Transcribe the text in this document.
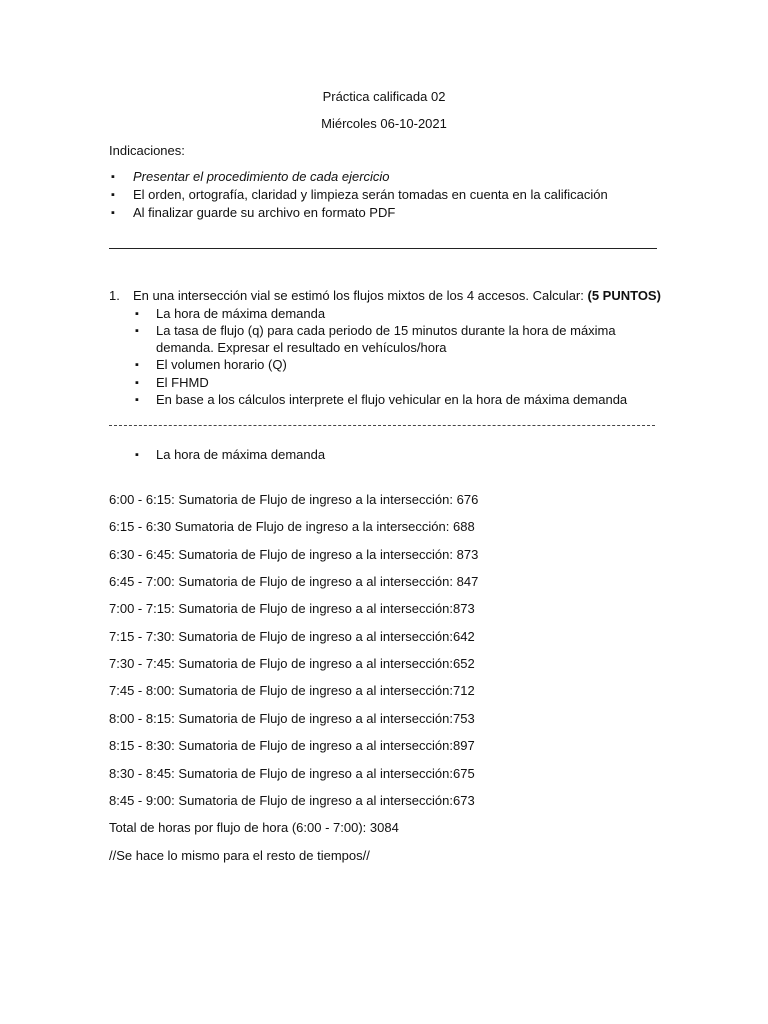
Práctica calificada 02
Miércoles 06-10-2021
Indicaciones:
▪ Presentar el procedimiento de cada ejercicio
▪ El orden, ortografía, claridad y limpieza serán tomadas en cuenta en la calificación
▪ Al finalizar guarde su archivo en formato PDF
1. En una intersección vial se estimó los flujos mixtos de los 4 accesos. Calcular: (5 PUNTOS)
▪ La hora de máxima demanda
▪ La tasa de flujo (q) para cada periodo de 15 minutos durante la hora de máxima
demanda. Expresar el resultado en vehículos/hora
▪ El volumen horario (Q)
▪ El FHMD
▪ En base a los cálculos interprete el flujo vehicular en la hora de máxima demanda
▪ La hora de máxima demanda
6:00 - 6:15: Sumatoria de Flujo de ingreso a la intersección: 676
6:15 - 6:30 Sumatoria de Flujo de ingreso a la intersección: 688
6:30 - 6:45: Sumatoria de Flujo de ingreso a la intersección: 873
6:45 - 7:00: Sumatoria de Flujo de ingreso a al intersección: 847
7:00 - 7:15: Sumatoria de Flujo de ingreso a al intersección:873
7:15 - 7:30: Sumatoria de Flujo de ingreso a al intersección:642
7:30 - 7:45: Sumatoria de Flujo de ingreso a al intersección:652
7:45 - 8:00: Sumatoria de Flujo de ingreso a al intersección:712
8:00 - 8:15: Sumatoria de Flujo de ingreso a al intersección:753
8:15 - 8:30: Sumatoria de Flujo de ingreso a al intersección:897
8:30 - 8:45: Sumatoria de Flujo de ingreso a al intersección:675
8:45 - 9:00: Sumatoria de Flujo de ingreso a al intersección:673
Total de horas por flujo de hora (6:00 - 7:00): 3084
//Se hace lo mismo para el resto de tiempos//
